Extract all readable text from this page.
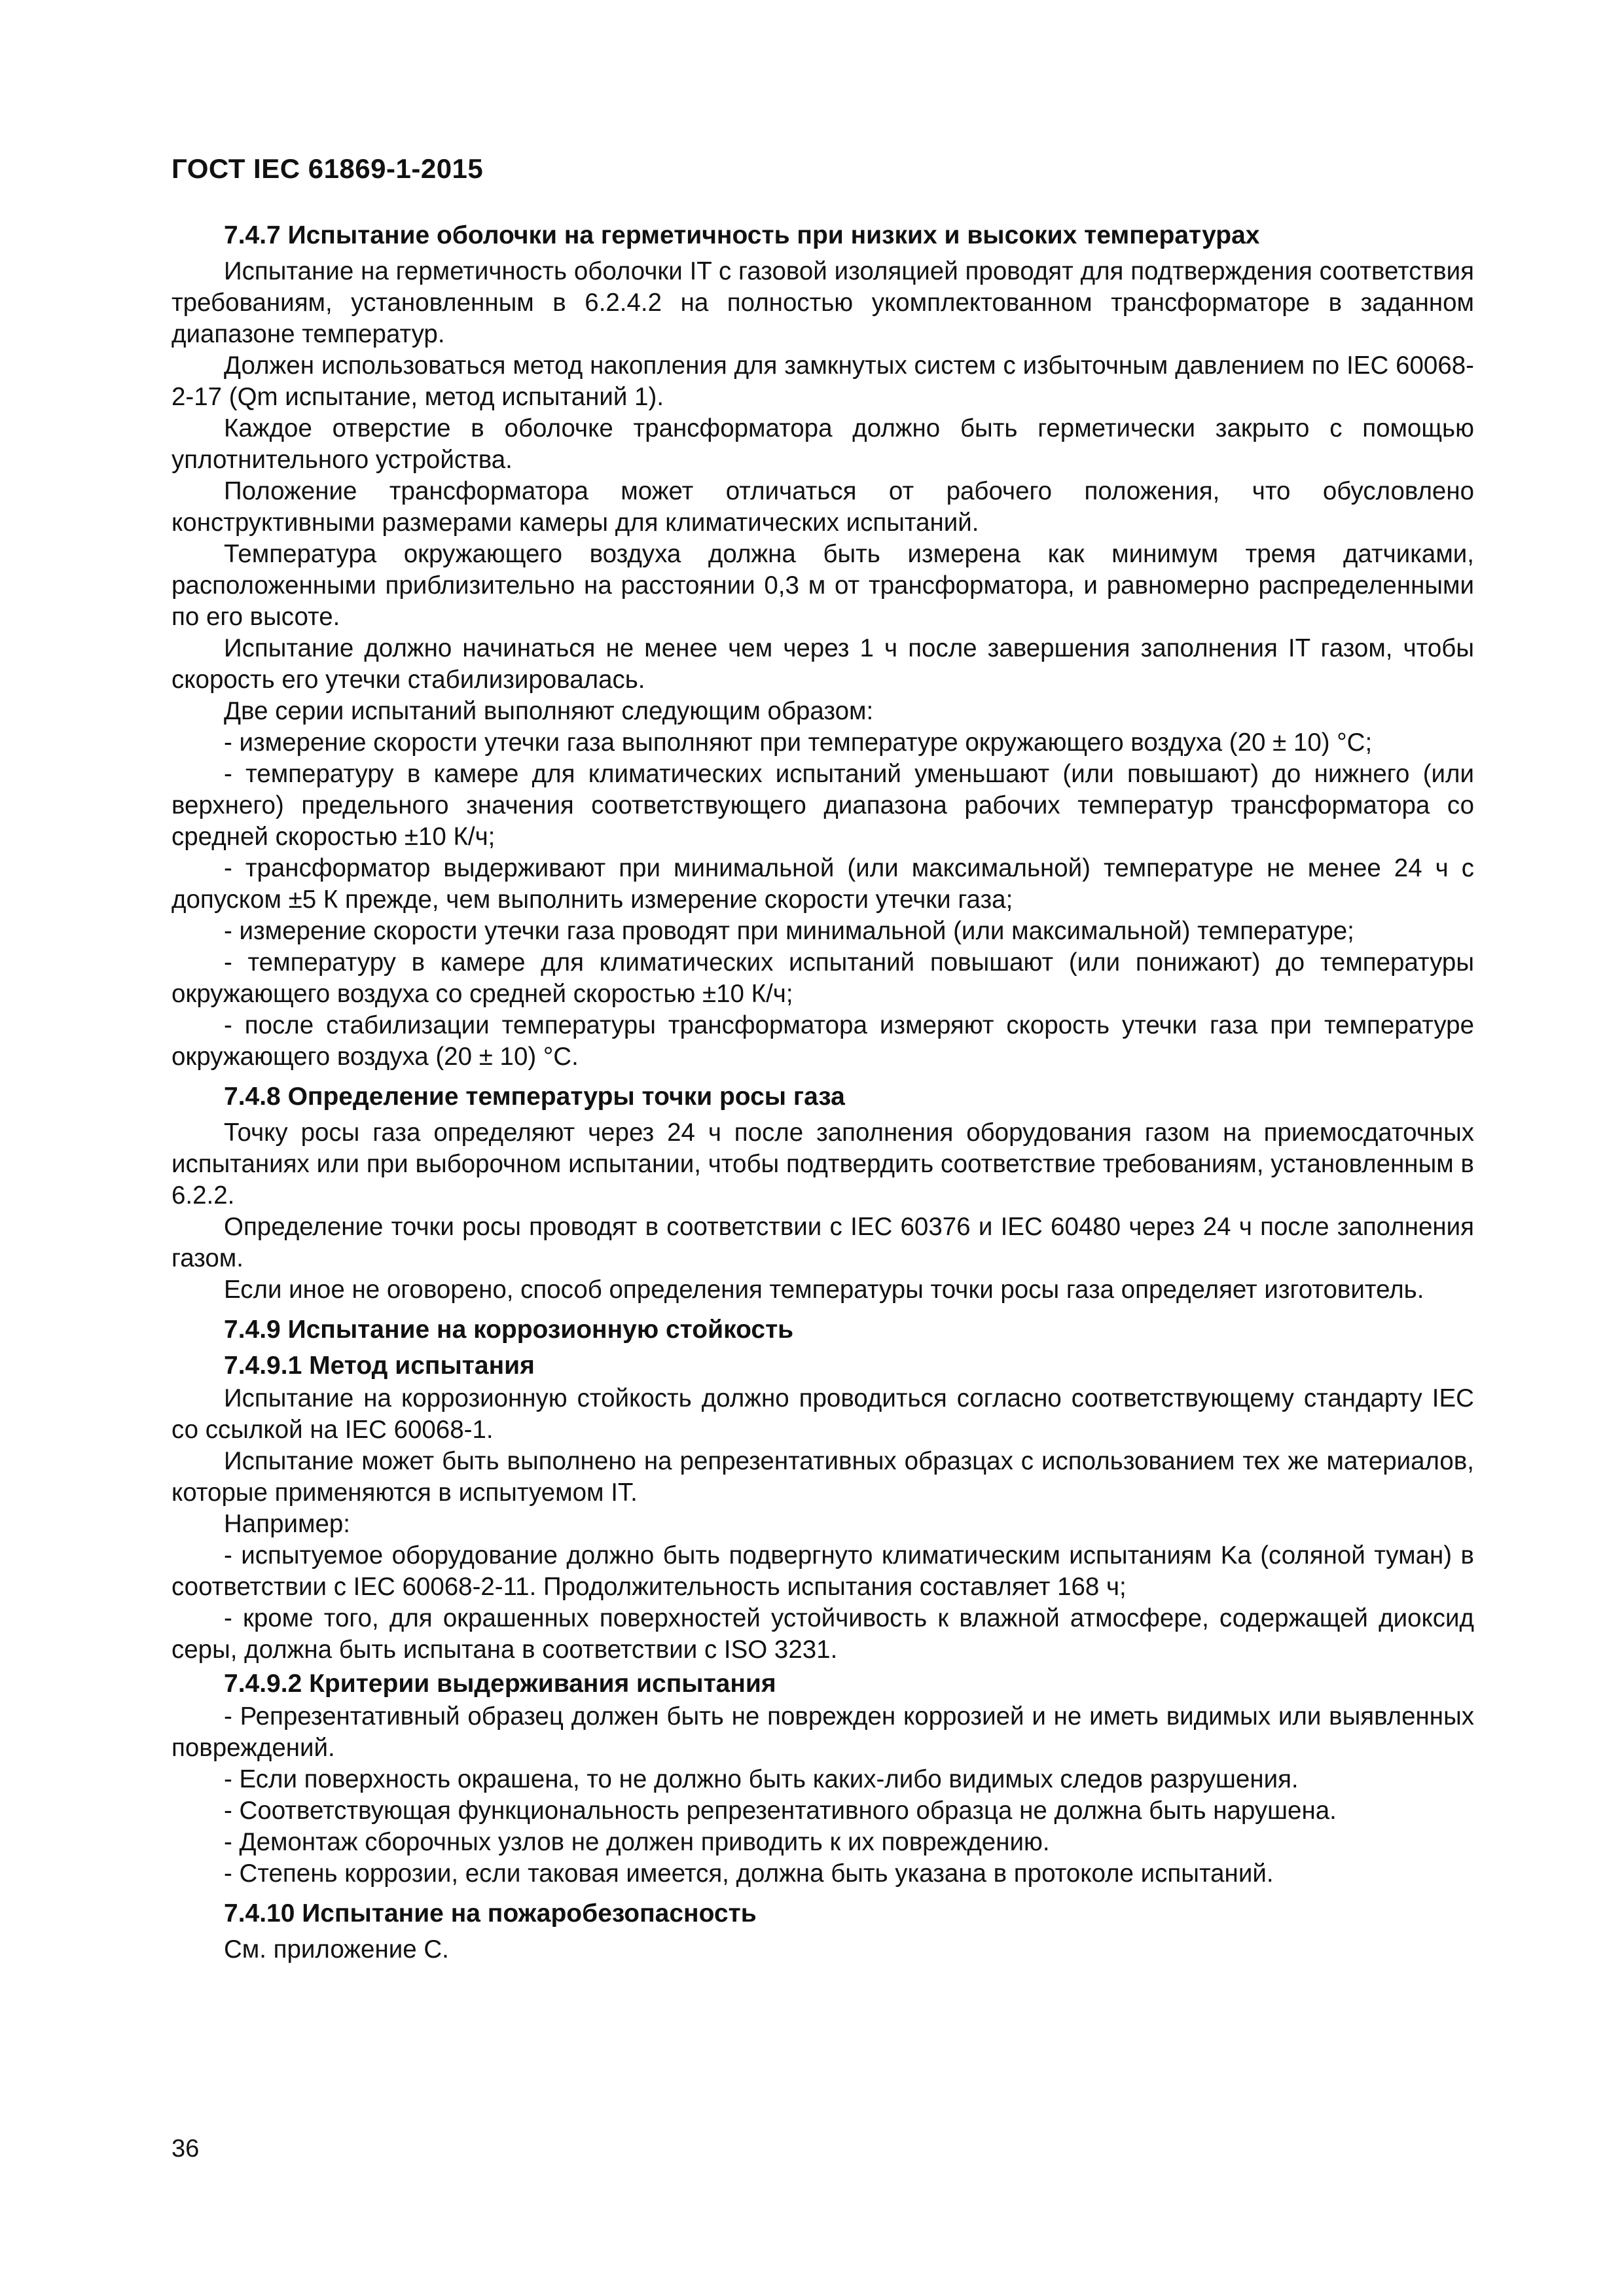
ГОСТ IEC 61869-1-2015
7.4.7 Испытание оболочки на герметичность при низких и высоких температурах

Испытание на герметичность оболочки IT с газовой изоляцией проводят для подтверждения соответствия требованиям, установленным в 6.2.4.2 на полностью укомплектованном трансформаторе в заданном диапазоне температур.

Должен использоваться метод накопления для замкнутых систем с избыточным давлением по IEC 60068-2-17 (Qm испытание, метод испытаний 1).

Каждое отверстие в оболочке трансформатора должно быть герметически закрыто с помощью уплотнительного устройства.

Положение трансформатора может отличаться от рабочего положения, что обусловлено конструктивными размерами камеры для климатических испытаний.

Температура окружающего воздуха должна быть измерена как минимум тремя датчиками, расположенными приблизительно на расстоянии 0,3 м от трансформатора, и равномерно распределенными по его высоте.

Испытание должно начинаться не менее чем через 1 ч после завершения заполнения IT газом, чтобы скорость его утечки стабилизировалась.

Две серии испытаний выполняют следующим образом:

- измерение скорости утечки газа выполняют при температуре окружающего воздуха (20 ± 10) °С;

- температуру в камере для климатических испытаний уменьшают (или повышают) до нижнего (или верхнего) предельного значения соответствующего диапазона рабочих температур трансформатора со средней скоростью ±10 К/ч;

- трансформатор выдерживают при минимальной (или максимальной) температуре не менее 24 ч с допуском ±5 К прежде, чем выполнить измерение скорости утечки газа;

- измерение скорости утечки газа проводят при минимальной (или максимальной) температуре;

- температуру в камере для климатических испытаний повышают (или понижают) до температуры окружающего воздуха со средней скоростью ±10 К/ч;

- после стабилизации температуры трансформатора измеряют скорость утечки газа при температуре окружающего воздуха (20 ± 10) °С.

7.4.8 Определение температуры точки росы газа

Точку росы газа определяют через 24 ч после заполнения оборудования газом на приемосдаточных испытаниях или при выборочном испытании, чтобы подтвердить соответствие требованиям, установленным в 6.2.2.

Определение точки росы проводят в соответствии с IEC 60376 и IEC 60480 через 24 ч после заполнения газом.

Если иное не оговорено, способ определения температуры точки росы газа определяет изготовитель.

7.4.9 Испытание на коррозионную стойкость
7.4.9.1 Метод испытания

Испытание на коррозионную стойкость должно проводиться согласно соответствующему стандарту IEC со ссылкой на IEC 60068-1.

Испытание может быть выполнено на репрезентативных образцах с использованием тех же материалов, которые применяются в испытуемом IT.

Например:

- испытуемое оборудование должно быть подвергнуто климатическим испытаниям Ka (соляной туман) в соответствии с IEC 60068-2-11. Продолжительность испытания составляет 168 ч;

- кроме того, для окрашенных поверхностей устойчивость к влажной атмосфере, содержащей диоксид серы, должна быть испытана в соответствии с ISO 3231.

7.4.9.2 Критерии выдерживания испытания

- Репрезентативный образец должен быть не поврежден коррозией и не иметь видимых или выявленных повреждений.

- Если поверхность окрашена, то не должно быть каких-либо видимых следов разрушения.

- Соответствующая функциональность репрезентативного образца не должна быть нарушена.

- Демонтаж сборочных узлов не должен приводить к их повреждению.

- Степень коррозии, если таковая имеется, должна быть указана в протоколе испытаний.

7.4.10 Испытание на пожаробезопасность

См. приложение С.

36
